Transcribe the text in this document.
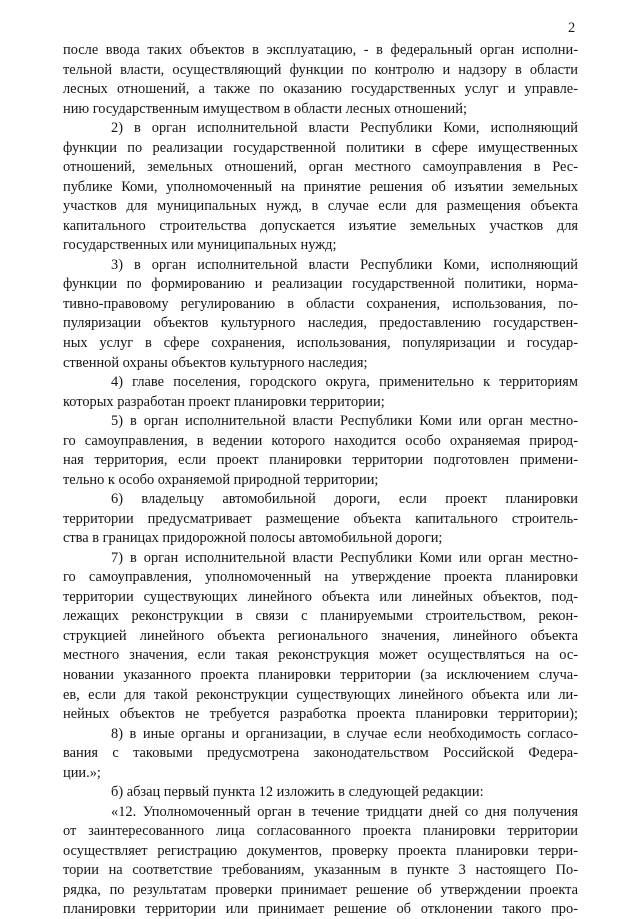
2

после ввода таких объектов в эксплуатацию, - в федеральный орган исполни-

тельной власти, осуществляющий функции по контролю и надзору в области

лесных отношений, а также по оказанию государственных услуг и управле-

нию государственным имуществом в области лесных отношений;

2) в орган исполнительной власти Республики Коми, исполняющий

функции по реализации государственной политики в сфере имущественных

отношений, земельных отношений, орган местного самоуправления в Рес-

публике Коми, уполномоченный на принятие решения об изъятии земельных

участков для муниципальных нужд, в случае если для размещения объекта

капитального строительства допускается изъятие земельных участков для

государственных или муниципальных нужд;

3) в орган исполнительной власти Республики Коми, исполняющий

функции по формированию и реализации государственной политики, норма-

тивно-правовому регулированию в области сохранения, использования, по-

пуляризации объектов культурного наследия, предоставлению государствен-

ных услуг в сфере сохранения, использования, популяризации и государ-

ственной охраны объектов культурного наследия;

4) главе поселения, городского округа, применительно к территориям

которых разработан проект планировки территории;

5) в орган исполнительной власти Республики Коми или орган местно-

го самоуправления, в ведении которого находится особо охраняемая природ-

ная территория, если проект планировки территории подготовлен примени-

тельно к особо охраняемой природной территории;

6) владельцу автомобильной дороги, если проект планировки

территории предусматривает размещение объекта капитального строитель-

ства в границах придорожной полосы автомобильной дороги;

7) в орган исполнительной власти Республики Коми или орган местно-

го самоуправления, уполномоченный на утверждение проекта планировки

территории существующих линейного объекта или линейных объектов, под-

лежащих реконструкции в связи с планируемыми строительством, рекон-

струкцией линейного объекта регионального значения, линейного объекта

местного значения, если такая реконструкция может осуществляться на ос-

новании указанного проекта планировки территории (за исключением случа-

ев, если для такой реконструкции существующих линейного объекта или ли-

нейных объектов не требуется разработка проекта планировки территории);

8) в иные органы и организации, в случае если необходимость согласо-

вания с таковыми предусмотрена законодательством Российской Федера-

ции.»;

б) абзац первый пункта 12 изложить в следующей редакции:

«12. Уполномоченный орган в течение тридцати дней со дня получения

от заинтересованного лица согласованного проекта планировки территории

осуществляет регистрацию документов, проверку проекта планировки терри-

тории на соответствие требованиям, указанным в пункте 3 настоящего По-

рядка, по результатам проверки принимает решение об утверждении проекта

планировки территории или принимает решение об отклонении такого про-
